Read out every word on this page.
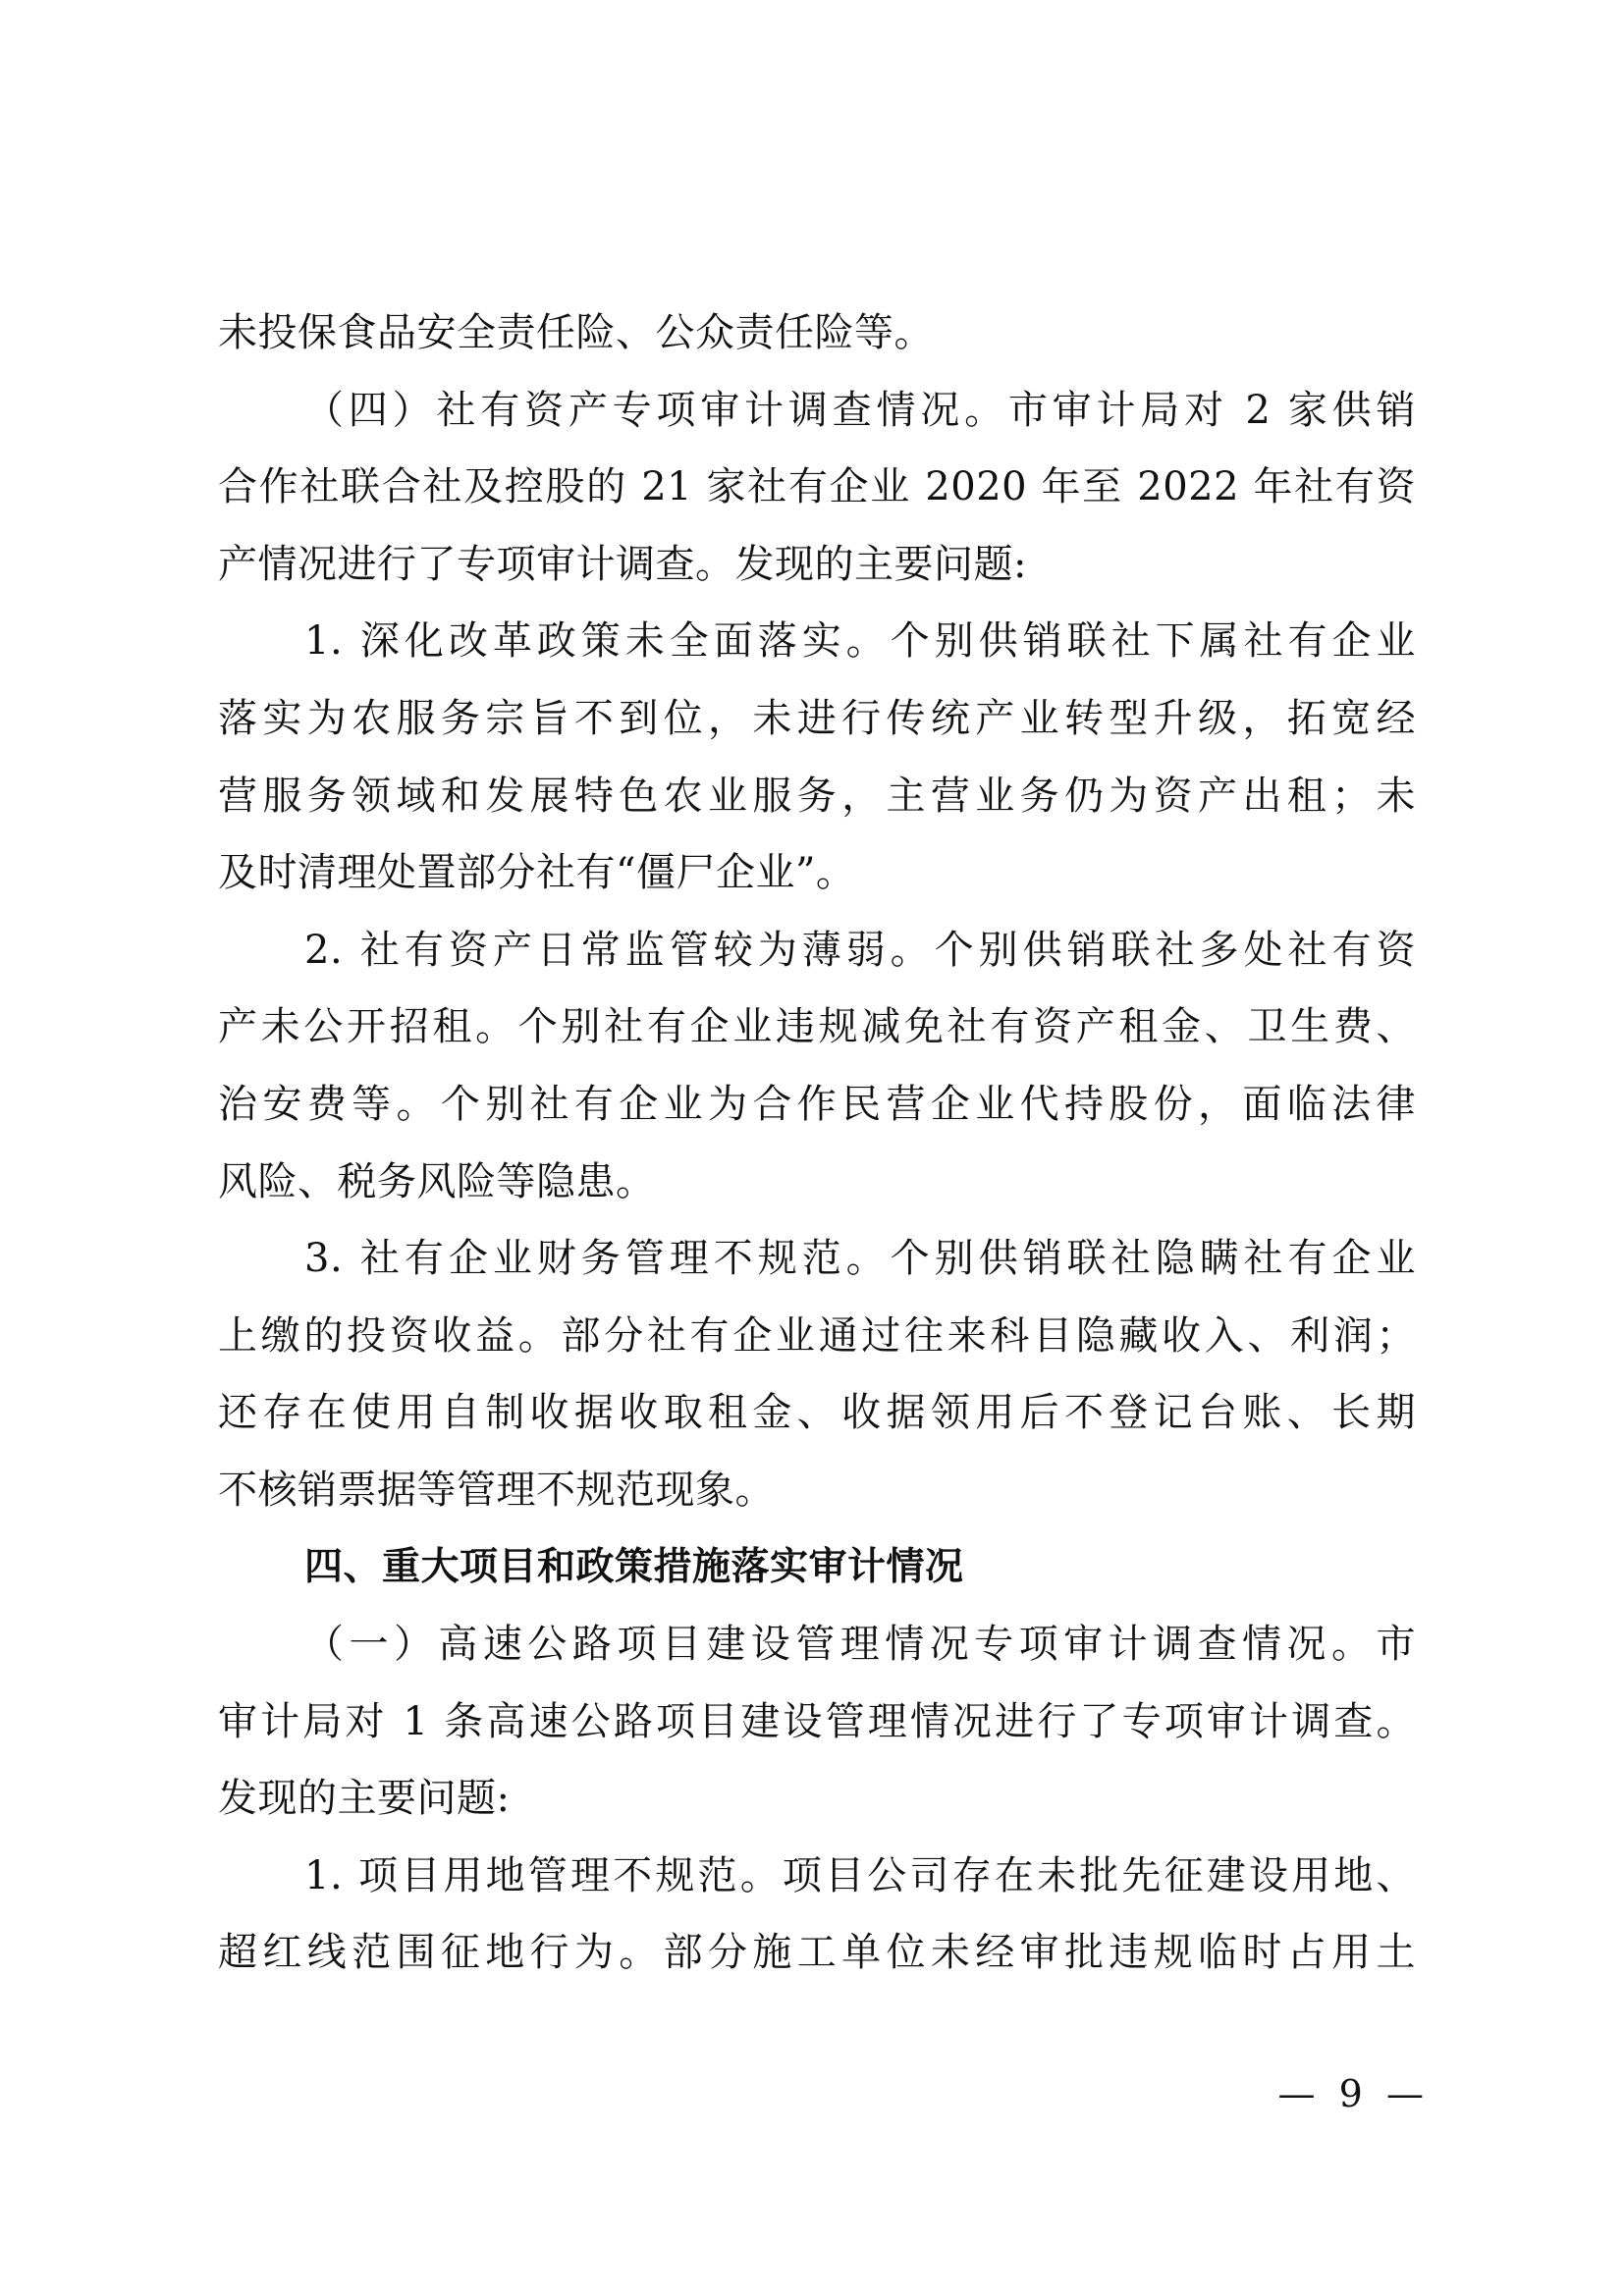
未投保食品安全责任险、公众责任险等。
（四）社有资产专项审计调查情况。市审计局对 2 家供销
合作社联合社及控股的 21 家社有企业 2020 年至 2022 年社有资
产情况进行了专项审计调查。发现的主要问题:
1. 深化改革政策未全面落实。个别供销联社下属社有企业
落实为农服务宗旨不到位，未进行传统产业转型升级，拓宽经
营服务领域和发展特色农业服务，主营业务仍为资产出租；未
及时清理处置部分社有“僵尸企业”。
2. 社有资产日常监管较为薄弱。个别供销联社多处社有资
产未公开招租。个别社有企业违规减免社有资产租金、卫生费、
治安费等。个别社有企业为合作民营企业代持股份，面临法律
风险、税务风险等隐患。
3. 社有企业财务管理不规范。个别供销联社隐瞒社有企业
上缴的投资收益。部分社有企业通过往来科目隐藏收入、利润；
还存在使用自制收据收取租金、收据领用后不登记台账、长期
不核销票据等管理不规范现象。
四、重大项目和政策措施落实审计情况
（一）高速公路项目建设管理情况专项审计调查情况。市
审计局对 1 条高速公路项目建设管理情况进行了专项审计调查。
发现的主要问题:
1. 项目用地管理不规范。项目公司存在未批先征建设用地、
超红线范围征地行为。部分施工单位未经审批违规临时占用土
—  9  —
